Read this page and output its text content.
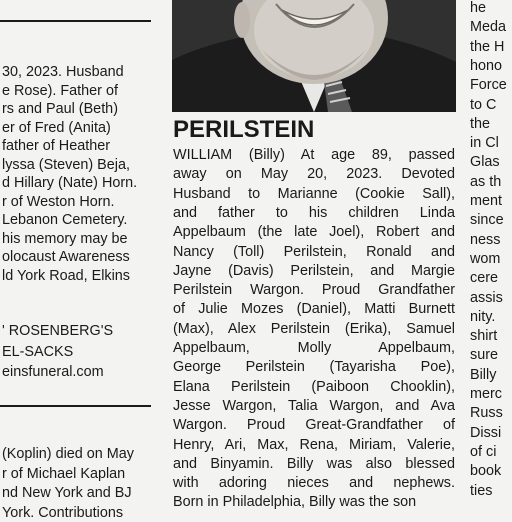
30, 2023. Husband
e Rose). Father of
rs and Paul (Beth)
er of Fred (Anita)
father of Heather
lyssa (Steven) Beja,
d Hillary (Nate) Horn.
r of Weston Horn.
Lebanon Cemetery.
his memory may be
olocaust Awareness
ld York Road, Elkins
' ROSENBERG'S
EL-SACKS
einsfuneral.com
(Koplin) died on May
r of Michael Kaplan
nd New York and BJ
York. Contributions
PERILSTEIN
WILLIAM (Billy) At age 89, passed
away on May 20, 2023. Devoted
Husband to Marianne (Cookie Sall),
and father to his children Linda
Appelbaum (the late Joel), Robert and
Nancy (Toll) Perilstein, Ronald and
Jayne (Davis) Perilstein, and Margie
Perilstein Wargon. Proud Grandfather
of Julie Mozes (Daniel), Matti Burnett
(Max), Alex Perilstein (Erika), Samuel
Appelbaum, Molly Appelbaum,
George Perilstein (Tayarisha Poe),
Elana Perilstein (Paiboon Chooklin),
Jesse Wargon, Talia Wargon, and Ava
Wargon. Proud Great-Grandfather of
Henry, Ari, Max, Rena, Miriam, Valerie,
and Binyamin. Billy was also blessed
with adoring nieces and nephews.
Born in Philadelphia, Billy was the son
he
Meda
the H
hono
Force
to C
the
in Cl
Glas
as th
ment
since
ness
wom
cere
assis
nity.
shirt
sure
Billy
merc
Russ
Dissi
of ci
book
ties
